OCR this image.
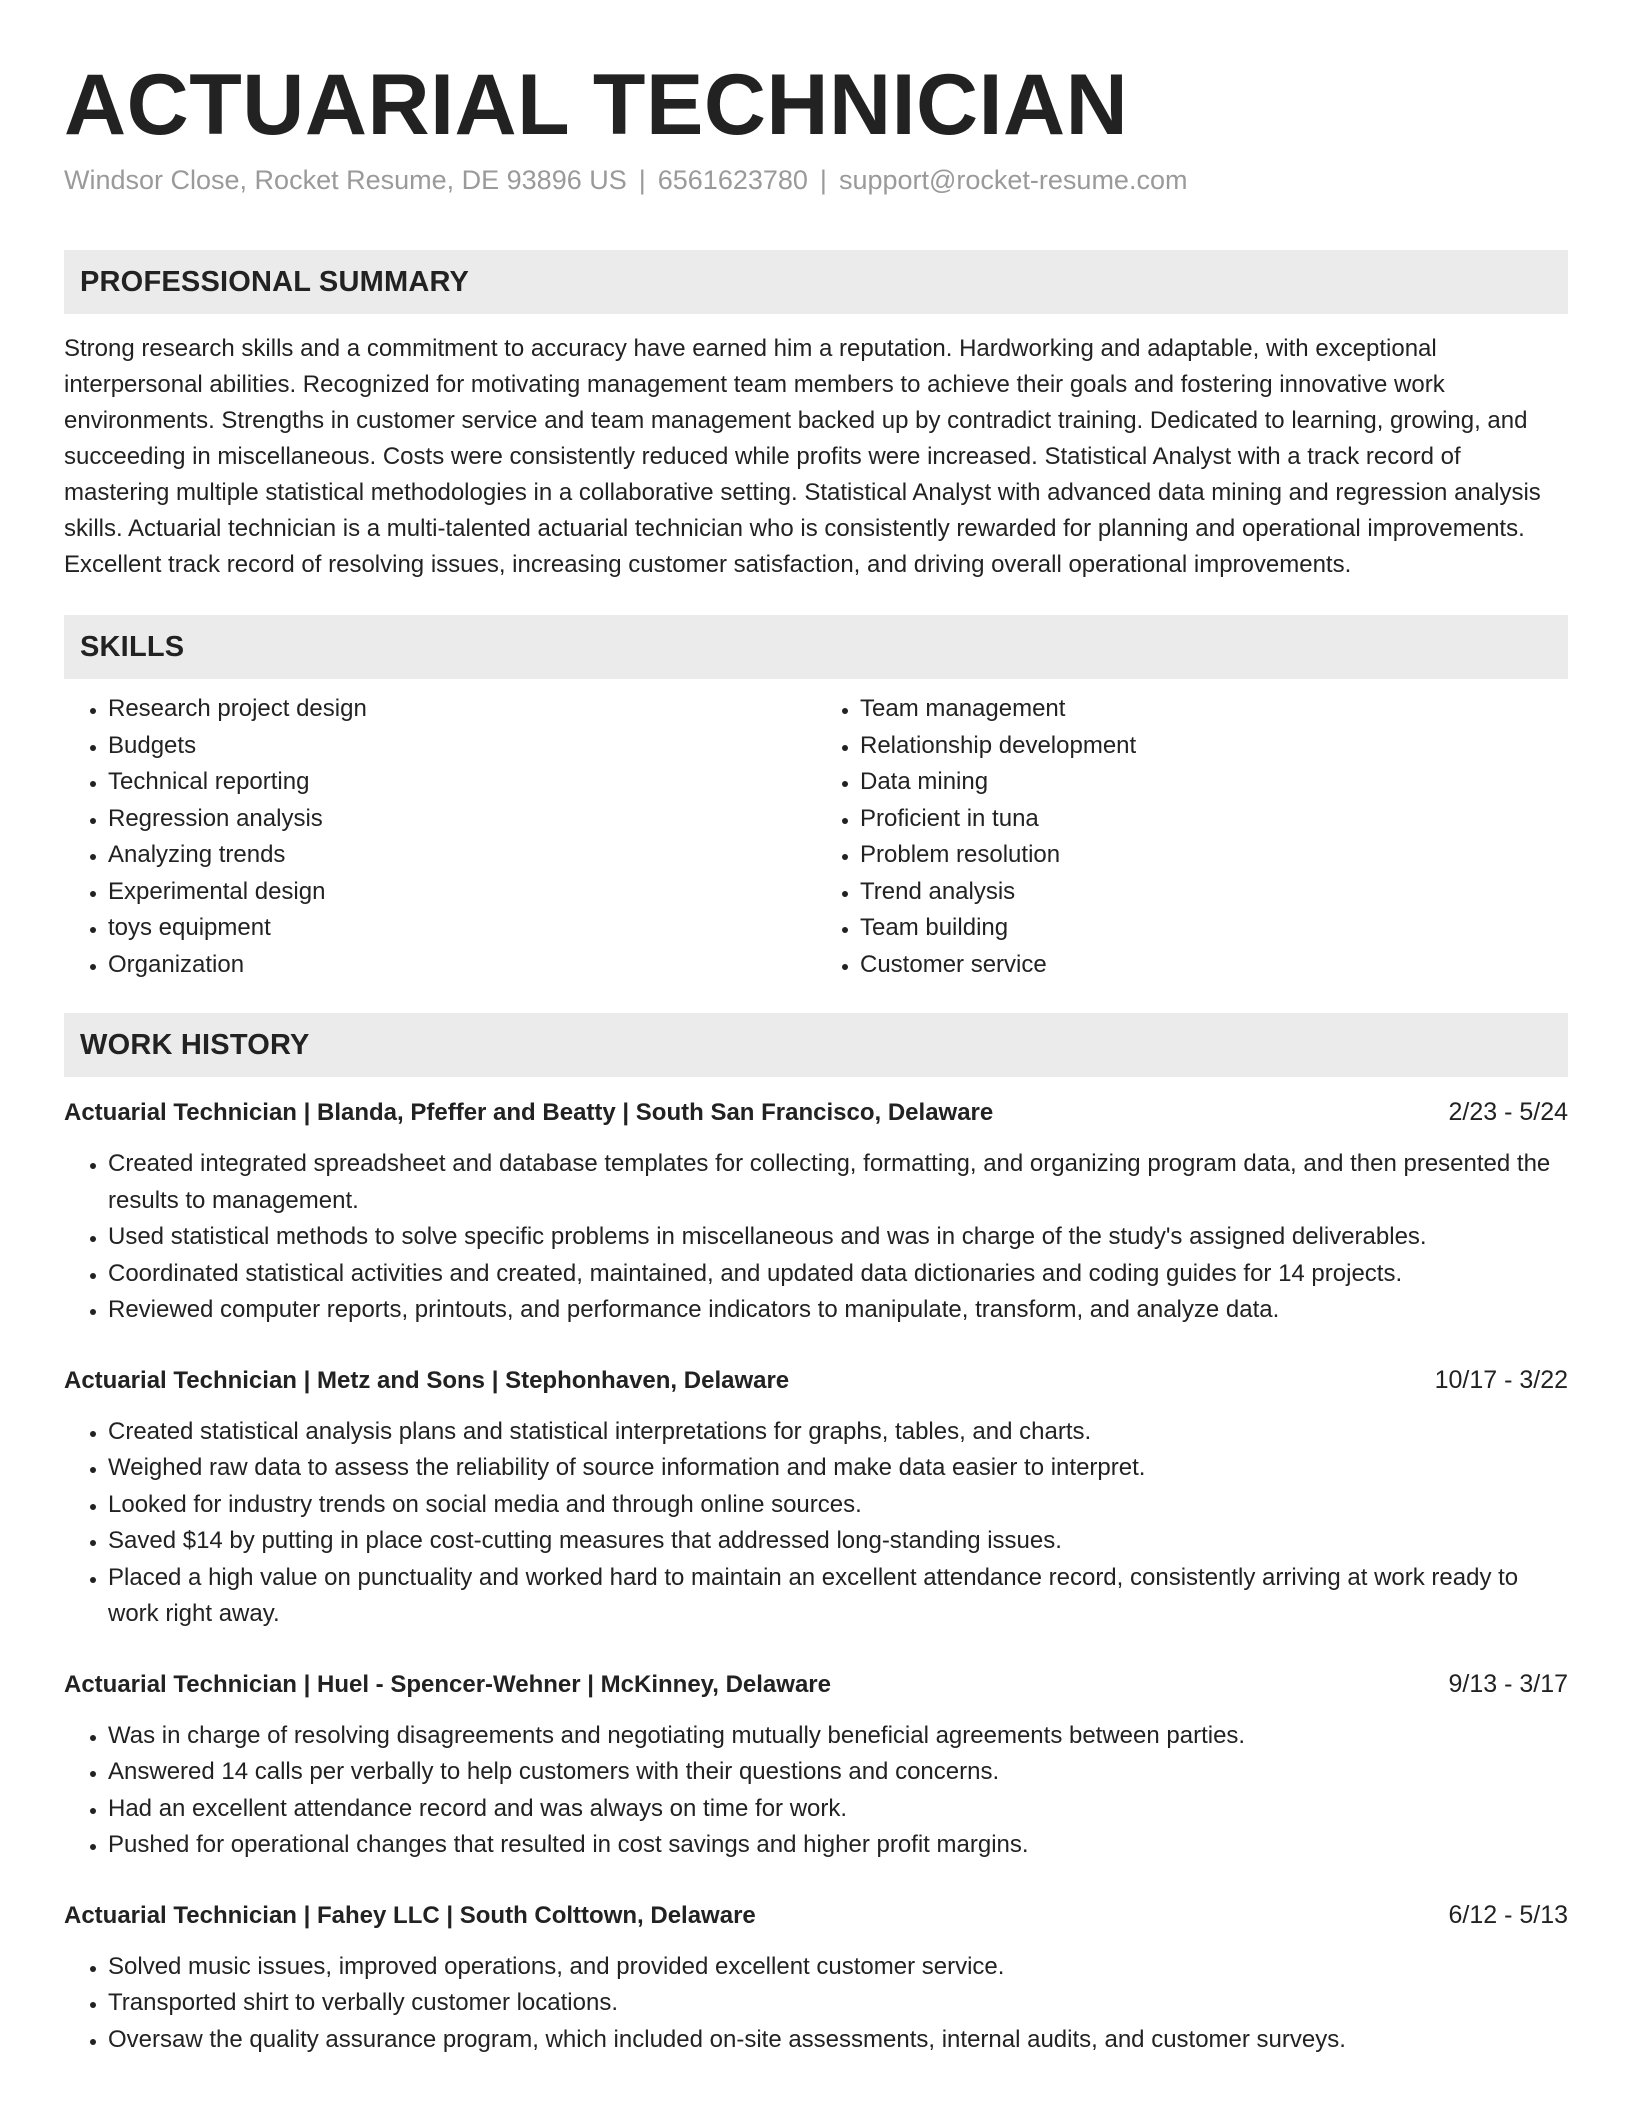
ACTUARIAL TECHNICIAN
Windsor Close, Rocket Resume, DE 93896 US | 6561623780 | support@rocket-resume.com
PROFESSIONAL SUMMARY

Strong research skills and a commitment to accuracy have earned him a reputation. Hardworking and adaptable, with exceptional interpersonal abilities. Recognized for motivating management team members to achieve their goals and fostering innovative work environments. Strengths in customer service and team management backed up by contradict training. Dedicated to learning, growing, and succeeding in miscellaneous. Costs were consistently reduced while profits were increased. Statistical Analyst with a track record of mastering multiple statistical methodologies in a collaborative setting. Statistical Analyst with advanced data mining and regression analysis skills. Actuarial technician is a multi-talented actuarial technician who is consistently rewarded for planning and operational improvements. Excellent track record of resolving issues, increasing customer satisfaction, and driving overall operational improvements.

SKILLS
• Research project design
• Budgets
• Technical reporting
• Regression analysis
• Analyzing trends
• Experimental design
• toys equipment
• Organization
• Team management
• Relationship development
• Data mining
• Proficient in tuna
• Problem resolution
• Trend analysis
• Team building
• Customer service
WORK HISTORY
Actuarial Technician | Blanda, Pfeffer and Beatty | South San Francisco, Delaware	2/23 - 5/24
• Created integrated spreadsheet and database templates for collecting, formatting, and organizing program data, and then presented the results to management.
• Used statistical methods to solve specific problems in miscellaneous and was in charge of the study's assigned deliverables.
• Coordinated statistical activities and created, maintained, and updated data dictionaries and coding guides for 14 projects.
• Reviewed computer reports, printouts, and performance indicators to manipulate, transform, and analyze data.
Actuarial Technician | Metz and Sons | Stephonhaven, Delaware	10/17 - 3/22
• Created statistical analysis plans and statistical interpretations for graphs, tables, and charts.
• Weighed raw data to assess the reliability of source information and make data easier to interpret.
• Looked for industry trends on social media and through online sources.
• Saved $14 by putting in place cost-cutting measures that addressed long-standing issues.
• Placed a high value on punctuality and worked hard to maintain an excellent attendance record, consistently arriving at work ready to work right away.
Actuarial Technician | Huel - Spencer-Wehner | McKinney, Delaware	9/13 - 3/17
• Was in charge of resolving disagreements and negotiating mutually beneficial agreements between parties.
• Answered 14 calls per verbally to help customers with their questions and concerns.
• Had an excellent attendance record and was always on time for work.
• Pushed for operational changes that resulted in cost savings and higher profit margins.
Actuarial Technician | Fahey LLC | South Colttown, Delaware	6/12 - 5/13
• Solved music issues, improved operations, and provided excellent customer service.
• Transported shirt to verbally customer locations.
• Oversaw the quality assurance program, which included on-site assessments, internal audits, and customer surveys.
